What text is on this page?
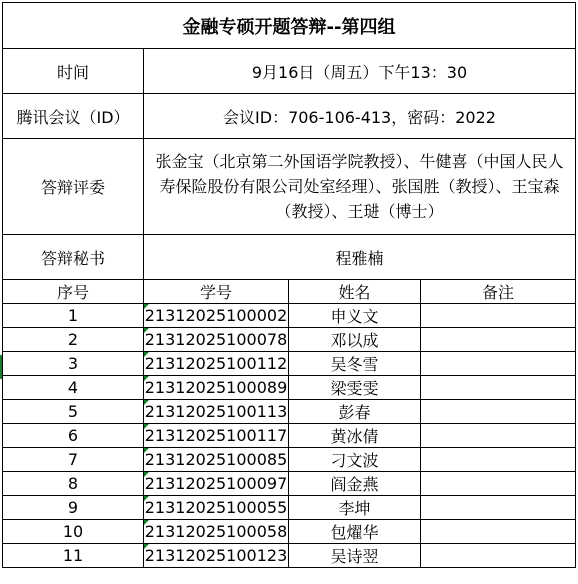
金融专硕开题答辩--第四组			
时间	9月16日（周五）下午13：30		
腾讯会议（ID）	会议ID：706-106-413，密码：2022		
答辩评委	张金宝（北京第二外国语学院教授）、牛健喜（中国人民人寿保险股份有限公司处室经理）、张国胜（教授）、王宝森（教授）、王琎（博士）		

答辩秘书	程雅楠		
序号	学号	姓名	备注
1	21312025100002	申义文	
2	21312025100078	邓以成	
3	21312025100112	吴冬雪	
4	21312025100089	梁雯雯	
5	21312025100113	彭春	
6	21312025100117	黄冰倩	
7	21312025100085	刁文波	
8	21312025100097	阎金燕	
9	21312025100055	李坤	
10	21312025100058	包燿华	
11	21312025100123	吴诗翌	
